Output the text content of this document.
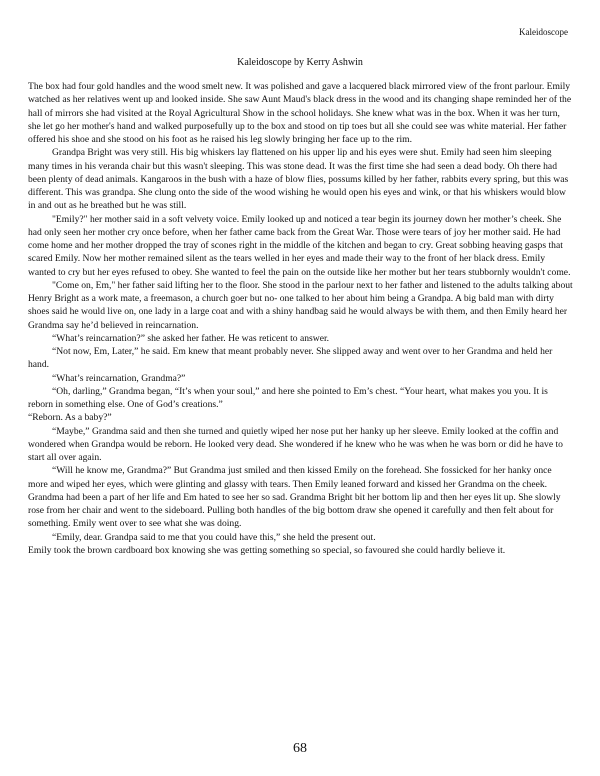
Kaleidoscope
Kaleidoscope by Kerry Ashwin

The box had four gold handles and the wood smelt new. It was polished and gave a lacquered black mirrored view of the front parlour. Emily watched as her relatives went up and looked inside. She saw Aunt Maud's black dress in the wood and its changing shape reminded her of the hall of mirrors she had visited at the Royal Agricultural Show in the school holidays. She knew what was in the box. When it was her turn, she let go her mother's hand and walked purposefully up to the box and stood on tip toes but all she could see was white material. Her father offered his shoe and she stood on his foot as he raised his leg slowly bringing her face up to the rim.

Grandpa Bright was very still. His big whiskers lay flattened on his upper lip and his eyes were shut. Emily had seen him sleeping many times in his veranda chair but this wasn't sleeping. This was stone dead. It was the first time she had seen a dead body. Oh there had been plenty of dead animals. Kangaroos in the bush with a haze of blow flies, possums killed by her father, rabbits every spring, but this was different. This was grandpa. She clung onto the side of the wood wishing he would open his eyes and wink, or that his whiskers would blow in and out as he breathed but he was still.

"Emily?" her mother said in a soft velvety voice. Emily looked up and noticed a tear begin its journey down her mother’s cheek. She had only seen her mother cry once before, when her father came back from the Great War. Those were tears of joy her mother said. He had come home and her mother dropped the tray of scones right in the middle of the kitchen and began to cry. Great sobbing heaving gasps that scared Emily. Now her mother remained silent as the tears welled in her eyes and made their way to the front of her black dress. Emily wanted to cry but her eyes refused to obey. She wanted to feel the pain on the outside like her mother but her tears stubbornly wouldn't come.

"Come on, Em," her father said lifting her to the floor. She stood in the parlour next to her father and listened to the adults talking about Henry Bright as a work mate, a freemason, a church goer but no- one talked to her about him being a Grandpa. A big bald man with dirty shoes said he would live on, one lady in a large coat and with a shiny handbag said he would always be with them, and then Emily heard her Grandma say he’d believed in reincarnation.

“What’s reincarnation?” she asked her father. He was reticent to answer.

“Not now, Em, Later,” he said. Em knew that meant probably never. She slipped away and went over to her Grandma and held her hand.

“What’s reincarnation, Grandma?”

“Oh, darling,” Grandma began, “It’s when your soul,” and here she pointed to Em’s chest. “Your heart, what makes you you. It is reborn in something else. One of God’s creations.”

“Reborn. As a baby?”

“Maybe,” Grandma said and then she turned and quietly wiped her nose put her hanky up her sleeve. Emily looked at the coffin and wondered when Grandpa would be reborn. He looked very dead. She wondered if he knew who he was when he was born or did he have to start all over again.

“Will he know me, Grandma?” But Grandma just smiled and then kissed Emily on the forehead. She fossicked for her hanky once more and wiped her eyes, which were glinting and glassy with tears. Then Emily leaned forward and kissed her Grandma on the cheek. Grandma had been a part of her life and Em hated to see her so sad. Grandma Bright bit her bottom lip and then her eyes lit up. She slowly rose from her chair and went to the sideboard. Pulling both handles of the big bottom draw she opened it carefully and then felt about for something. Emily went over to see what she was doing.

“Emily, dear. Grandpa said to me that you could have this,” she held the present out.

Emily took the brown cardboard box knowing she was getting something so special, so favoured she could hardly believe it.

68
